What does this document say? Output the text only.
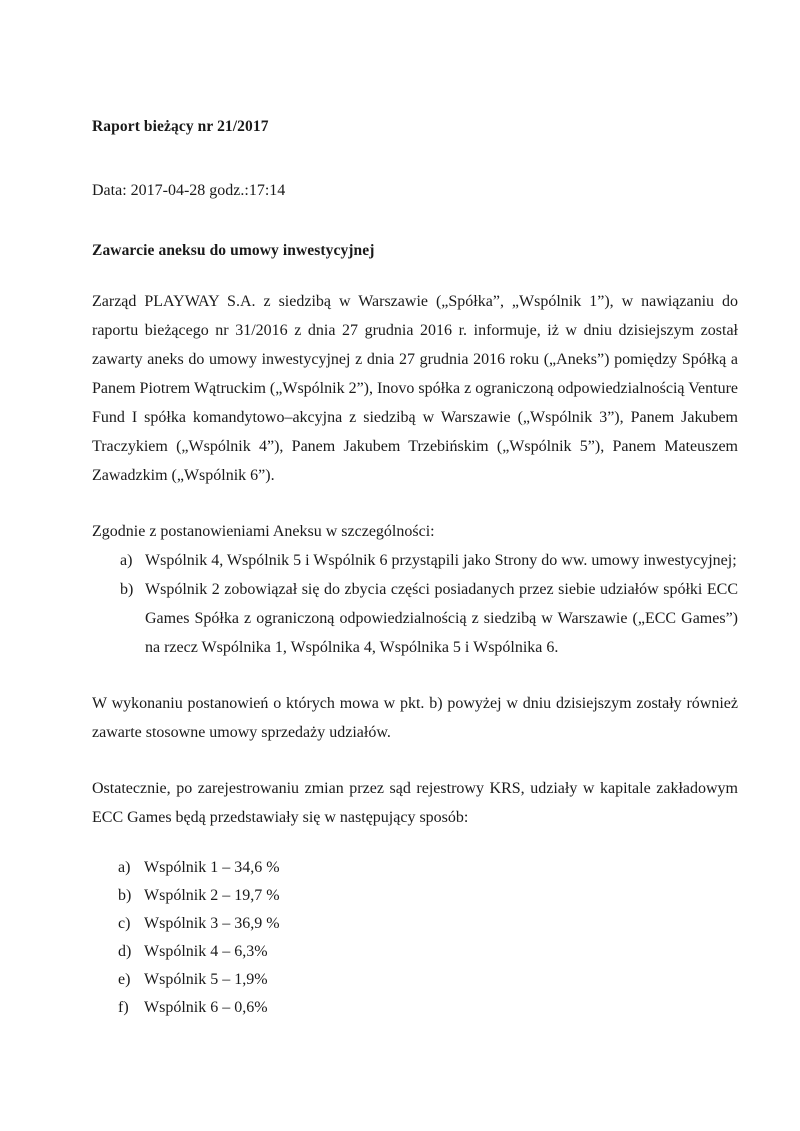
Raport bieżący nr 21/2017

Data: 2017-04-28 godz.:17:14

Zawarcie aneksu do umowy inwestycyjnej

Zarząd PLAYWAY S.A. z siedzibą w Warszawie („Spółka”, „Wspólnik 1”), w nawiązaniu do raportu bieżącego nr 31/2016 z dnia 27 grudnia 2016 r. informuje, iż w dniu dzisiejszym został zawarty aneks do umowy inwestycyjnej z dnia 27 grudnia 2016 roku („Aneks”) pomiędzy Spółką a Panem Piotrem Wątruckim („Wspólnik 2”), Inovo spółka z ograniczoną odpowiedzialnością Venture Fund I spółka komandytowo–akcyjna z siedzibą w Warszawie („Wspólnik 3”), Panem Jakubem Traczykiem („Wspólnik 4”), Panem Jakubem Trzebińskim („Wspólnik 5”), Panem Mateuszem Zawadzkim („Wspólnik 6”).

Zgodnie z postanowieniami Aneksu w szczególności:

a) Wspólnik 4, Wspólnik 5 i Wspólnik 6 przystąpili jako Strony do ww. umowy inwestycyjnej;
b) Wspólnik 2 zobowiązał się do zbycia części posiadanych przez siebie udziałów spółki ECC Games Spółka z ograniczoną odpowiedzialnością z siedzibą w Warszawie („ECC Games”) na rzecz Wspólnika 1, Wspólnika 4, Wspólnika 5 i Wspólnika 6.

W wykonaniu postanowień o których mowa w pkt. b) powyżej w dniu dzisiejszym zostały również zawarte stosowne umowy sprzedaży udziałów.

Ostatecznie, po zarejestrowaniu zmian przez sąd rejestrowy KRS, udziały w kapitale zakładowym ECC Games będą przedstawiały się w następujący sposób:

a) Wspólnik 1 – 34,6 %
b) Wspólnik 2 – 19,7 %
c) Wspólnik 3 – 36,9 %
d) Wspólnik 4 – 6,3%
e) Wspólnik 5 – 1,9%
f) Wspólnik 6 – 0,6%
